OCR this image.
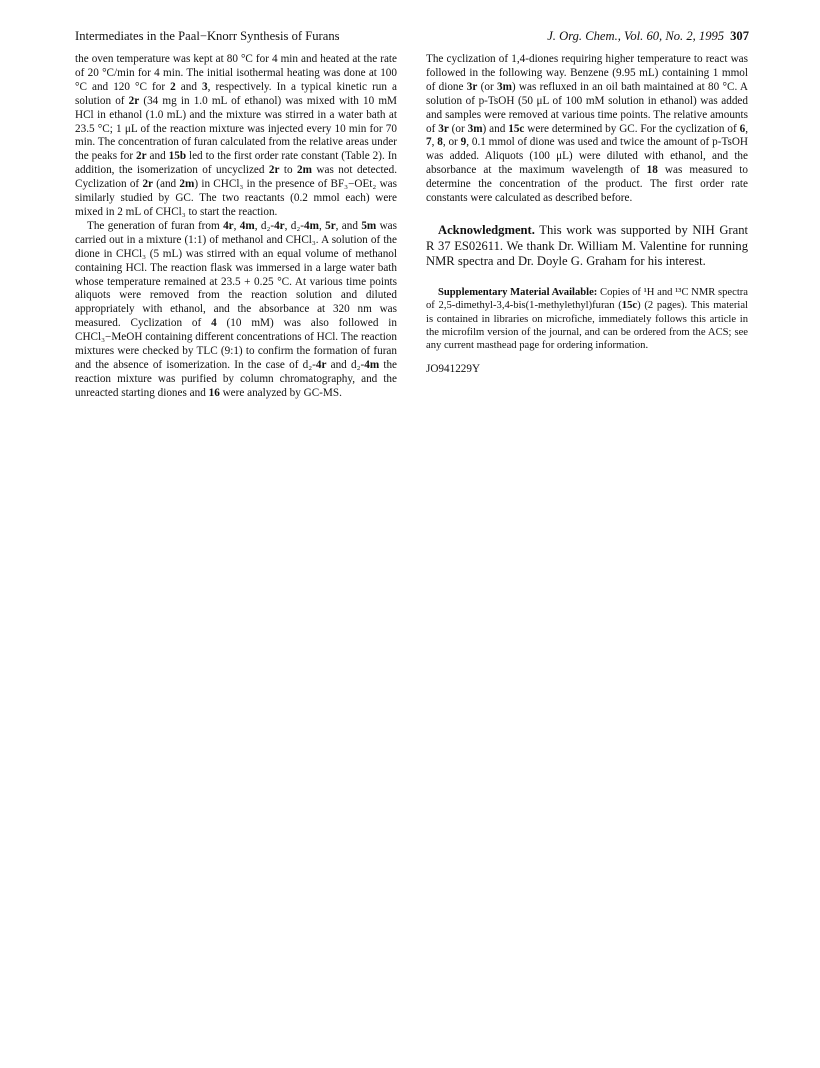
Intermediates in the Paal−Knorr Synthesis of Furans	J. Org. Chem., Vol. 60, No. 2, 1995 307

the oven temperature was kept at 80 °C for 4 min and heated at the rate of 20 °C/min for 4 min. The initial isothermal heating was done at 100 °C and 120 °C for 2 and 3, respectively. In a typical kinetic run a solution of 2r (34 mg in 1.0 mL of ethanol) was mixed with 10 mM HCl in ethanol (1.0 mL) and the mixture was stirred in a water bath at 23.5 °C; 1 μL of the reaction mixture was injected every 10 min for 70 min. The concentration of furan calculated from the relative areas under the peaks for 2r and 15b led to the first order rate constant (Table 2). In addition, the isomerization of uncyclized 2r to 2m was not detected. Cyclization of 2r (and 2m) in CHCl₃ in the presence of BF₃−OEt₂ was similarly studied by GC. The two reactants (0.2 mmol each) were mixed in 2 mL of CHCl₃ to start the reaction.

The generation of furan from 4r, 4m, d₂-4r, d₂-4m, 5r, and 5m was carried out in a mixture (1:1) of methanol and CHCl₃. A solution of the dione in CHCl₃ (5 mL) was stirred with an equal volume of methanol containing HCl. The reaction flask was immersed in a large water bath whose temperature remained at 23.5 + 0.25 °C. At various time points aliquots were removed from the reaction solution and diluted appropriately with ethanol, and the absorbance at 320 nm was measured. Cyclization of 4 (10 mM) was also followed in CHCl₃−MeOH containing different concentrations of HCl. The reaction mixtures were checked by TLC (9:1) to confirm the formation of furan and the absence of isomerization. In the case of d₂-4r and d₂-4m the reaction mixture was purified by column chromatography, and the unreacted starting diones and 16 were analyzed by GC-MS.

The cyclization of 1,4-diones requiring higher temperature to react was followed in the following way. Benzene (9.95 mL) containing 1 mmol of dione 3r (or 3m) was refluxed in an oil bath maintained at 80 °C. A solution of p-TsOH (50 μL of 100 mM solution in ethanol) was added and samples were removed at various time points. The relative amounts of 3r (or 3m) and 15c were determined by GC. For the cyclization of 6, 7, 8, or 9, 0.1 mmol of dione was used and twice the amount of p-TsOH was added. Aliquots (100 μL) were diluted with ethanol, and the absorbance at the maximum wavelength of 18 was measured to determine the concentration of the product. The first order rate constants were calculated as described before.

Acknowledgment. This work was supported by NIH Grant R 37 ES02611. We thank Dr. William M. Valentine for running NMR spectra and Dr. Doyle G. Graham for his interest.

Supplementary Material Available: Copies of ¹H and ¹³C NMR spectra of 2,5-dimethyl-3,4-bis(1-methylethyl)furan (15c) (2 pages). This material is contained in libraries on microfiche, immediately follows this article in the microfilm version of the journal, and can be ordered from the ACS; see any current masthead page for ordering information.

JO941229Y
